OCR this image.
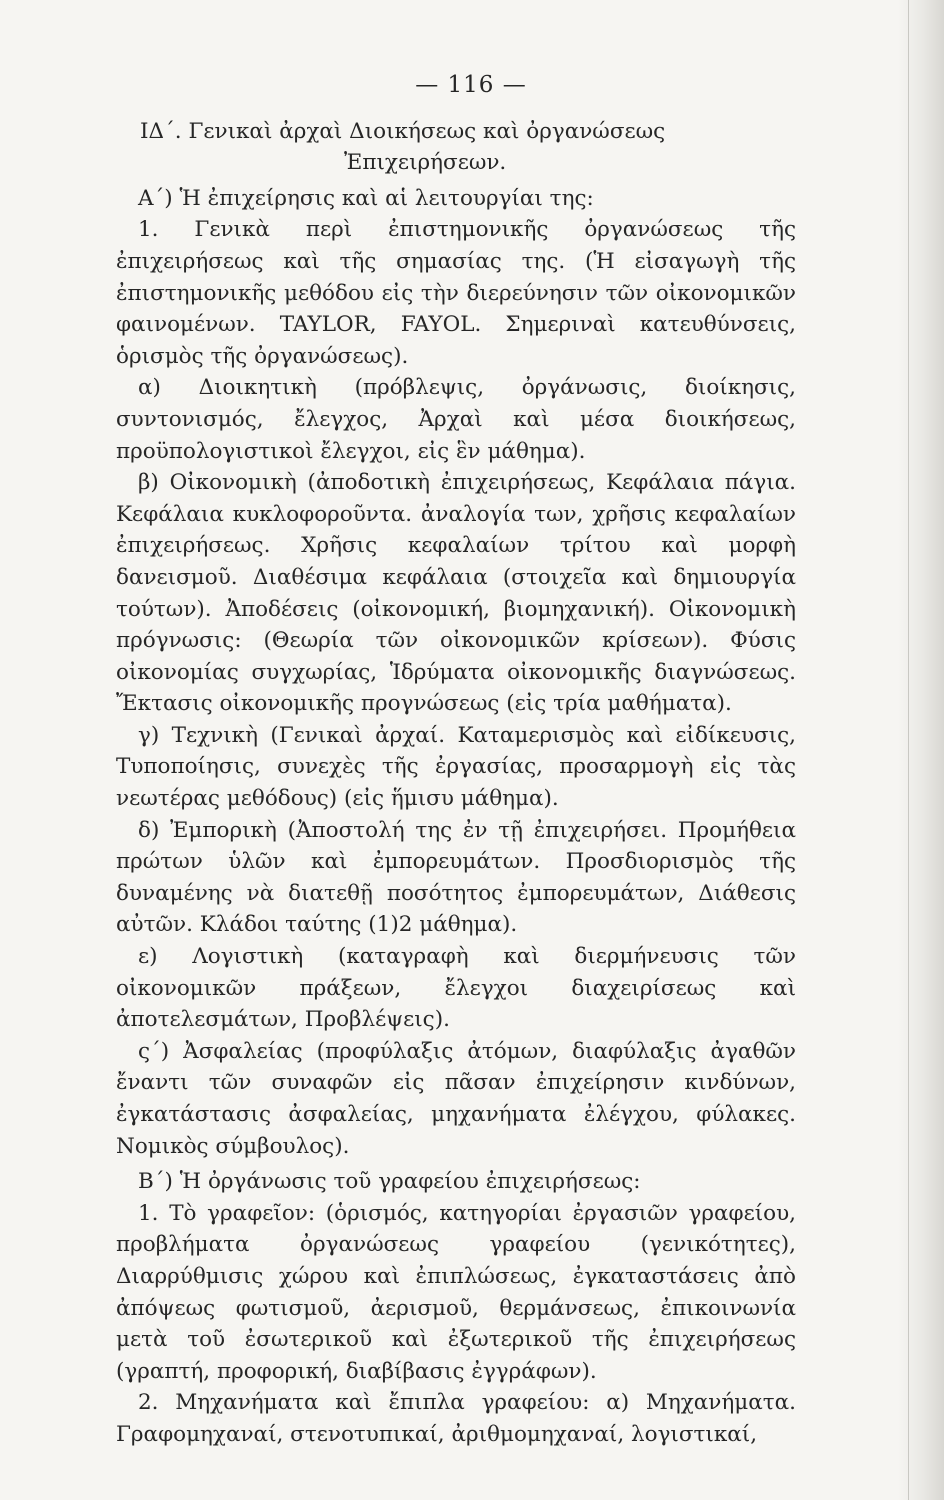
— 116 —
ΙΔ΄. Γενικαὶ ἀρχαὶ Διοικήσεως καὶ ὀργανώσεως
Ἐπιχειρήσεων.

Α΄) Ἡ ἐπιχείρησις καὶ αἱ λειτουργίαι της:

1. Γενικὰ περὶ ἐπιστημονικῆς ὀργανώσεως τῆς ἐπιχειρήσεως καὶ τῆς σημασίας της. (Ἡ εἰσαγωγὴ τῆς ἐπιστημονικῆς μεθόδου εἰς τὴν διερεύνησιν τῶν οἰκονομικῶν φαινομένων. TAYLOR, FAYOL. Σημεριναὶ κατευθύνσεις, ὁρισμὸς τῆς ὀργανώσεως).

α) Διοικητικὴ (πρόβλεψις, ὀργάνωσις, διοίκησις, συντονισμός, ἔλεγχος, Ἀρχαὶ καὶ μέσα διοικήσεως, προϋπολογιστικοὶ ἔλεγχοι, εἰς ἓν μάθημα).

β) Οἰκονομικὴ (ἀποδοτικὴ ἐπιχειρήσεως, Κεφάλαια πάγια. Κεφάλαια κυκλοφοροῦντα. ἀναλογία των, χρῆσις κεφαλαίων ἐπιχειρήσεως. Χρῆσις κεφαλαίων τρίτου καὶ μορφὴ δανεισμοῦ. Διαθέσιμα κεφάλαια (στοιχεῖα καὶ δημιουργία τούτων). Ἀποδέσεις (οἰκονομική, βιομηχανική). Οἰκονομικὴ πρόγνωσις: (Θεωρία τῶν οἰκονομικῶν κρίσεων). Φύσις οἰκονομίας συγχωρίας, Ἱδρύματα οἰκονομικῆς διαγνώσεως. Ἔκτασις οἰκονομικῆς προγνώσεως (εἰς τρία μαθήματα).

γ) Τεχνικὴ (Γενικαὶ ἀρχαί. Καταμερισμὸς καὶ εἰδίκευσις, Τυποποίησις, συνεχὲς τῆς ἐργασίας, προσαρμογὴ εἰς τὰς νεωτέρας μεθόδους) (εἰς ἥμισυ μάθημα).

δ) Ἐμπορικὴ (Ἀποστολή της ἐν τῇ ἐπιχειρήσει. Προμήθεια πρώτων ὑλῶν καὶ ἐμπορευμάτων. Προσδιορισμὸς τῆς δυναμένης νὰ διατεθῇ ποσότητος ἐμπορευμάτων, Διάθεσις αὐτῶν. Κλάδοι ταύτης (1)2 μάθημα).

ε) Λογιστικὴ (καταγραφὴ καὶ διερμήνευσις τῶν οἰκονομικῶν πράξεων, ἔλεγχοι διαχειρίσεως καὶ ἀποτελεσμάτων, Προβλέψεις).

ς΄) Ἀσφαλείας (προφύλαξις ἀτόμων, διαφύλαξις ἀγαθῶν ἔναντι τῶν συναφῶν εἰς πᾶσαν ἐπιχείρησιν κινδύνων, ἐγκατάστασις ἀσφαλείας, μηχανήματα ἐλέγχου, φύλακες. Νομικὸς σύμβουλος).

Β΄) Ἡ ὀργάνωσις τοῦ γραφείου ἐπιχειρήσεως:

1. Τὸ γραφεῖον: (ὁρισμός, κατηγορίαι ἐργασιῶν γραφείου, προβλήματα ὀργανώσεως γραφείου (γενικότητες), Διαρρύθμισις χώρου καὶ ἐπιπλώσεως, ἐγκαταστάσεις ἀπὸ ἀπόψεως φωτισμοῦ, ἀερισμοῦ, θερμάνσεως, ἐπικοινωνία μετὰ τοῦ ἐσωτερικοῦ καὶ ἐξωτερικοῦ τῆς ἐπιχειρήσεως (γραπτή, προφορική, διαβίβασις ἐγγράφων).

2. Μηχανήματα καὶ ἔπιπλα γραφείου: α) Μηχανήματα. Γραφομηχαναί, στενοτυπικαί, ἀριθμομηχαναί, λογιστικαί,
